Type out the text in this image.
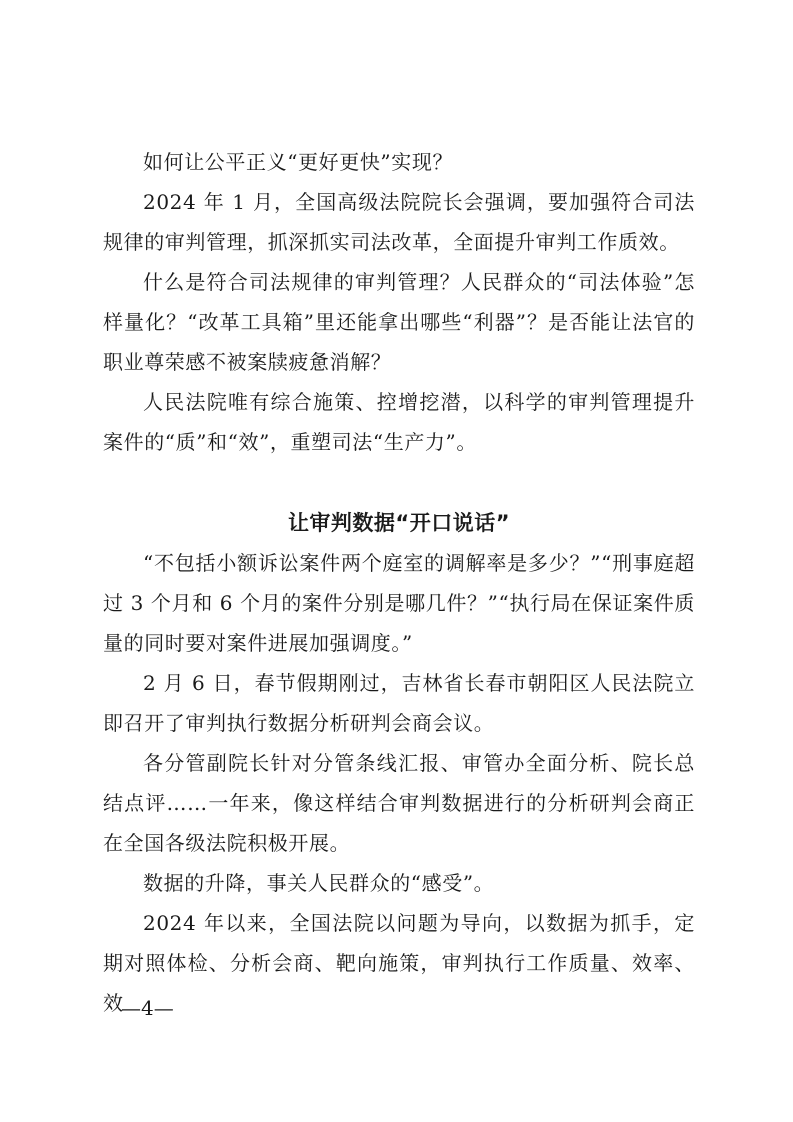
如何让公平正义“更好更快”实现？

2024 年 1 月，全国高级法院院长会强调，要加强符合司法规律的审判管理，抓深抓实司法改革，全面提升审判工作质效。

什么是符合司法规律的审判管理？人民群众的“司法体验”怎样量化？“改革工具箱”里还能拿出哪些“利器”？是否能让法官的职业尊荣感不被案牍疲惫消解？

人民法院唯有综合施策、控增挖潜，以科学的审判管理提升案件的“质”和“效”，重塑司法“生产力”。

让审判数据“开口说话”

“不包括小额诉讼案件两个庭室的调解率是多少？”“刑事庭超过 3 个月和 6 个月的案件分别是哪几件？”“执行局在保证案件质量的同时要对案件进展加强调度。”

2 月 6 日，春节假期刚过，吉林省长春市朝阳区人民法院立即召开了审判执行数据分析研判会商会议。

各分管副院长针对分管条线汇报、审管办全面分析、院长总结点评……一年来，像这样结合审判数据进行的分析研判会商正在全国各级法院积极开展。

数据的升降，事关人民群众的“感受”。

2024 年以来，全国法院以问题为导向，以数据为抓手，定期对照体检、分析会商、靶向施策，审判执行工作质量、效率、效

—4—
